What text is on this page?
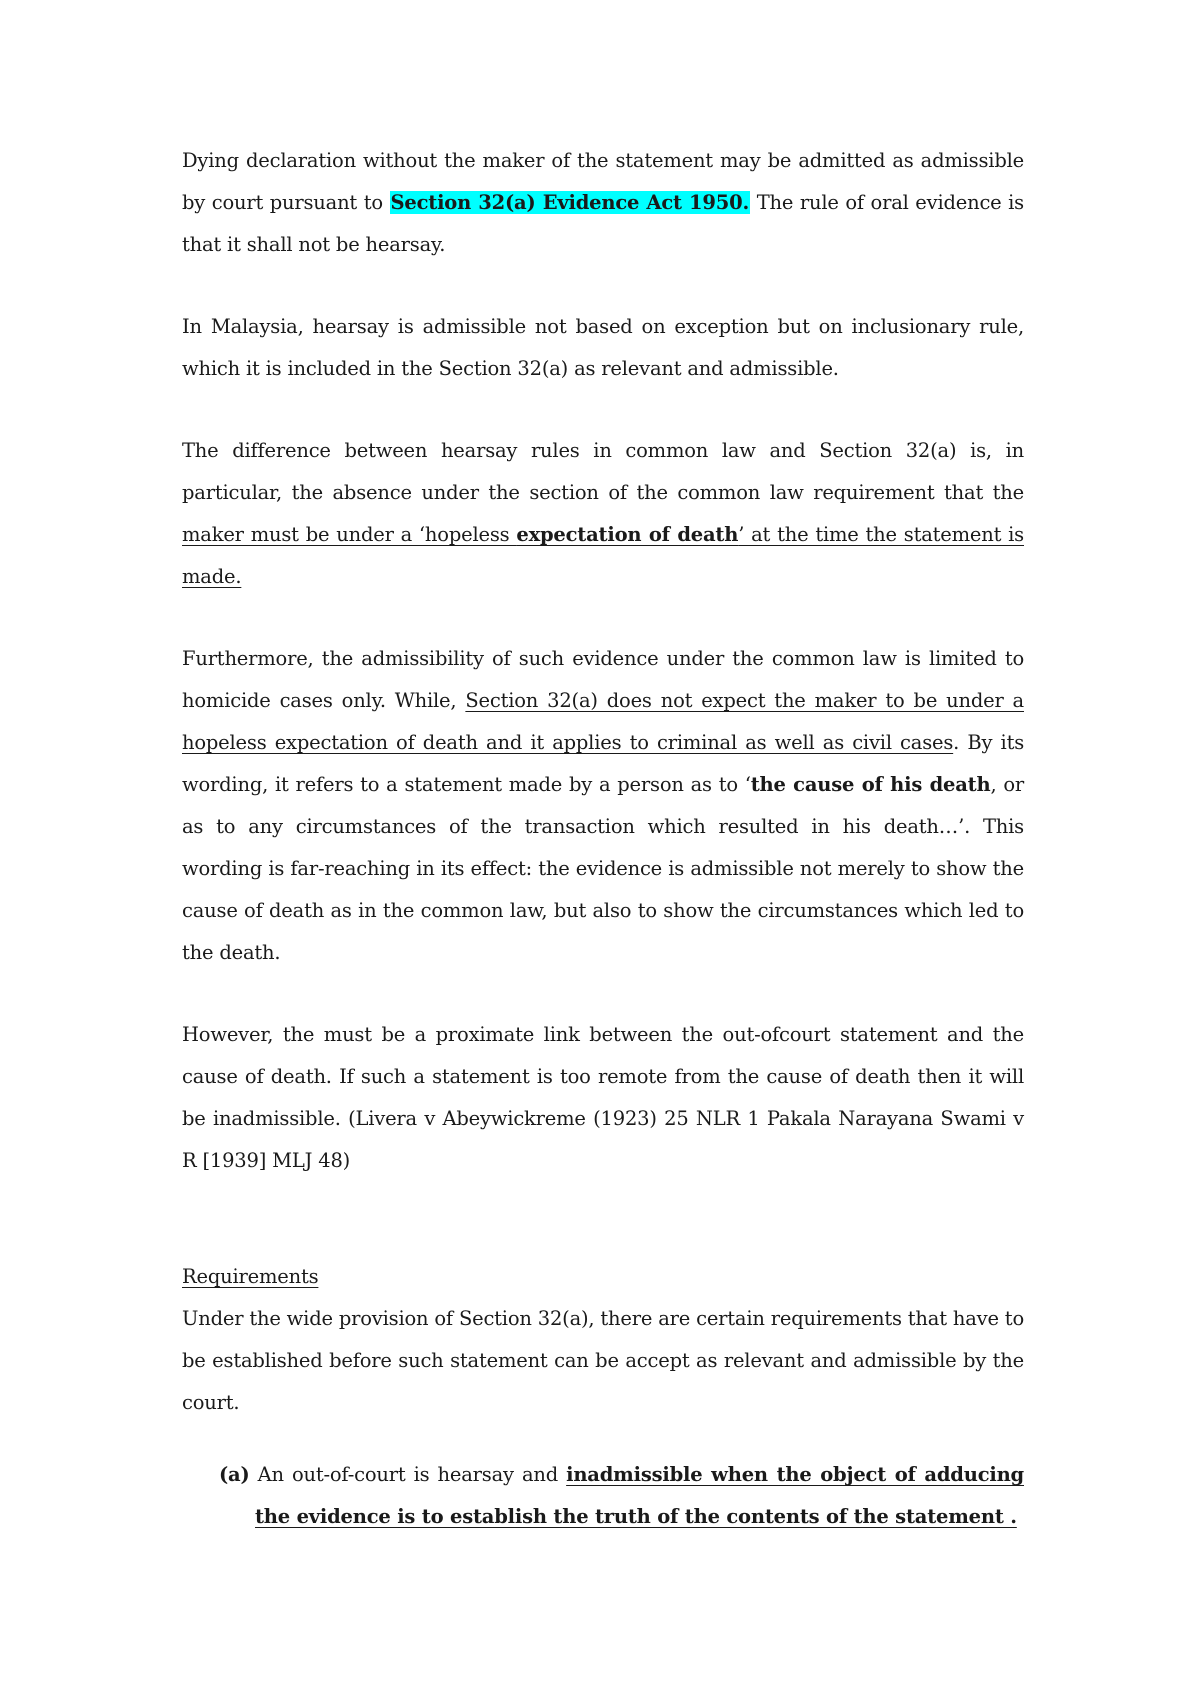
Dying declaration without the maker of the statement may be admitted as admissible by court pursuant to Section 32(a) Evidence Act 1950. The rule of oral evidence is that it shall not be hearsay.

In Malaysia, hearsay is admissible not based on exception but on inclusionary rule, which it is included in the Section 32(a) as relevant and admissible.

The difference between hearsay rules in common law and Section 32(a) is, in particular, the absence under the section of the common law requirement that the maker must be under a ‘hopeless expectation of death’ at the time the statement is made.

Furthermore, the admissibility of such evidence under the common law is limited to homicide cases only. While, Section 32(a) does not expect the maker to be under a hopeless expectation of death and it applies to criminal as well as civil cases. By its wording, it refers to a statement made by a person as to ‘the cause of his death, or as to any circumstances of the transaction which resulted in his death…’. This wording is far-reaching in its effect: the evidence is admissible not merely to show the cause of death as in the common law, but also to show the circumstances which led to the death.

However, the must be a proximate link between the out-ofcourt statement and the cause of death. If such a statement is too remote from the cause of death then it will be inadmissible. (Livera v Abeywickreme (1923) 25 NLR 1 Pakala Narayana Swami v R [1939] MLJ 48)

Requirements

Under the wide provision of Section 32(a), there are certain requirements that have to be established before such statement can be accept as relevant and admissible by the court.

(a) An out-of-court is hearsay and inadmissible when the object of adducing the evidence is to establish the truth of the contents of the statement .
